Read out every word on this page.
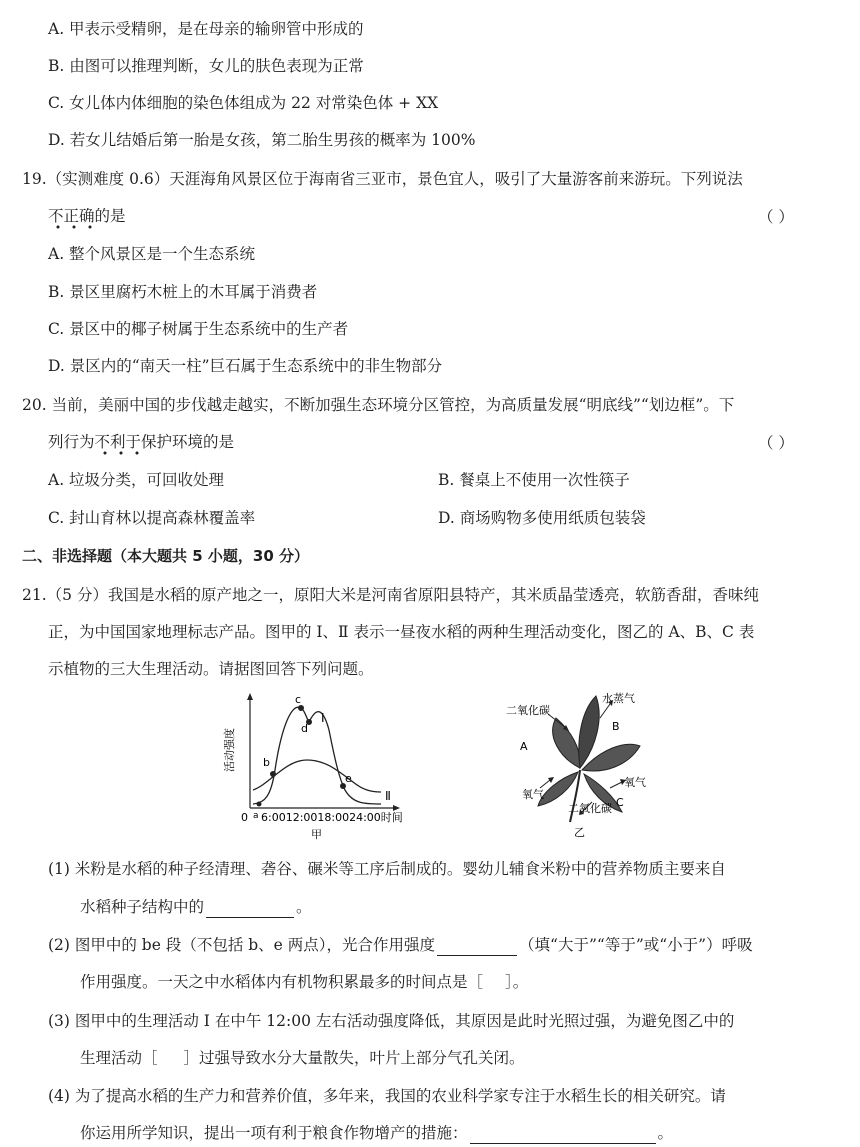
A. 甲表示受精卵，是在母亲的输卵管中形成的
B. 由图可以推理判断，女儿的肤色表现为正常
C. 女儿体内体细胞的染色体组成为 22 对常染色体 + XX
D. 若女儿结婚后第一胎是女孩，第二胎生男孩的概率为 100%
19.（实测难度 0.6）天涯海角风景区位于海南省三亚市，景色宜人，吸引了大量游客前来游玩。下列说法
不正确
的是	（ ）
A. 整个风景区是一个生态系统
B. 景区里腐朽木桩上的木耳属于消费者
C. 景区中的椰子树属于生态系统中的生产者
D. 景区内的“南天一柱”巨石属于生态系统中的非生物部分
20. 当前，美丽中国的步伐越走越实，不断加强生态环境分区管控，为高质量发展“明底线”“划边框”。下
列行为不利于
保护环境的是	（ ）
A. 垃圾分类，可回收处理	B. 餐桌上不使用一次性筷子
C. 封山育林以提高森林覆盖率	D. 商场购物多使用纸质包装袋
二、非选择题（本大题共 5 小题，30 分）
21.（5 分）我国是水稻的原产地之一，原阳大米是河南省原阳县特产，其米质晶莹透亮，软筋香甜，香味纯
正，为中国国家地理标志产品。图甲的 Ⅰ、Ⅱ 表示一昼夜水稻的两种生理活动变化，图乙的 A、B、C 表
示植物的三大生理活动。请据图回答下列问题。
活动强度
0 a 6:0012:0018:0024:00时间
b
c
d
e
Ⅰ
Ⅱ
甲
二氧化碳
水蒸气
B
A
氧气
氧气
C
二氧化碳
乙
(1) 米粉是水稻的种子经清理、砻谷、碾米等工序后制成的。婴幼儿辅食米粉中的营养物质主要来自
水稻种子结构中的	。
(2) 图甲中的 be 段（不包括 b、e 两点），光合作用强度	（填“大于”“等于”或“小于”）呼吸
作用强度。一天之中水稻体内有机物积累最多的时间点是［ ］。
(3) 图甲中的生理活动 Ⅰ 在中午 12:00 左右活动强度降低，其原因是此时光照过强，为避免图乙中的
生理活动［ ］过强导致水分大量散失，叶片上部分气孔关闭。
(4) 为了提高水稻的生产力和营养价值，多年来，我国的农业科学家专注于水稻生长的相关研究。请
你运用所学知识，提出一项有利于粮食作物增产的措施：	。
